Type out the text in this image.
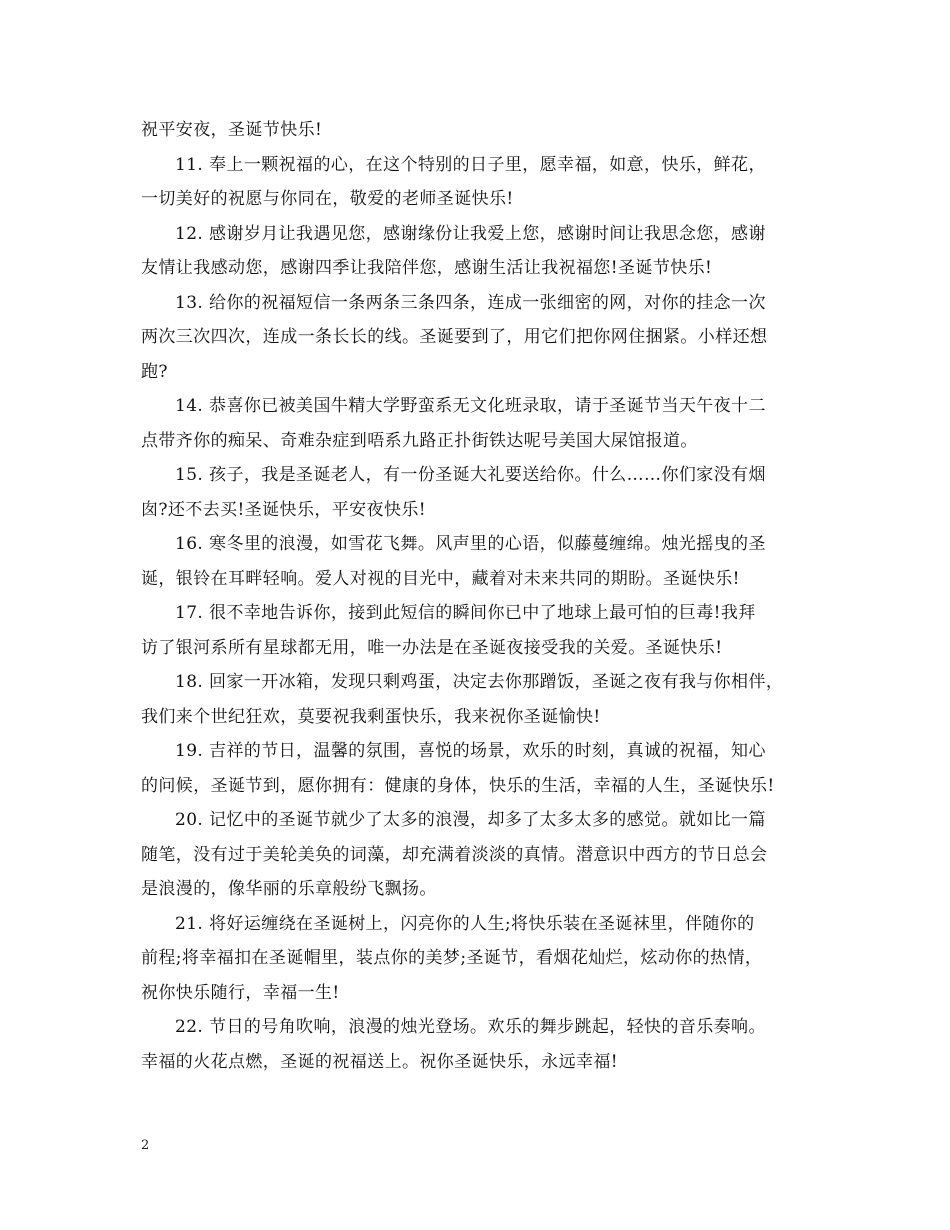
祝平安夜，圣诞节快乐!

11. 奉上一颗祝福的心，在这个特别的日子里，愿幸福，如意，快乐，鲜花，
一切美好的祝愿与你同在，敬爱的老师圣诞快乐!

12. 感谢岁月让我遇见您，感谢缘份让我爱上您，感谢时间让我思念您，感谢
友情让我感动您，感谢四季让我陪伴您，感谢生活让我祝福您!圣诞节快乐!

13. 给你的祝福短信一条两条三条四条，连成一张细密的网，对你的挂念一次
两次三次四次，连成一条长长的线。圣诞要到了，用它们把你网住捆紧。小样还想
跑?

14. 恭喜你已被美国牛精大学野蛮系无文化班录取，请于圣诞节当天午夜十二
点带齐你的痴呆、奇难杂症到唔系九路正扑街铁达呢号美国大屎馆报道。

15. 孩子，我是圣诞老人，有一份圣诞大礼要送给你。什么……你们家没有烟
囱?还不去买!圣诞快乐，平安夜快乐!

16. 寒冬里的浪漫，如雪花飞舞。风声里的心语，似藤蔓缠绵。烛光摇曳的圣
诞，银铃在耳畔轻响。爱人对视的目光中，藏着对未来共同的期盼。圣诞快乐!

17. 很不幸地告诉你，接到此短信的瞬间你已中了地球上最可怕的巨毒!我拜
访了银河系所有星球都无用，唯一办法是在圣诞夜接受我的关爱。圣诞快乐!

18. 回家一开冰箱，发现只剩鸡蛋，决定去你那蹭饭，圣诞之夜有我与你相伴，
我们来个世纪狂欢，莫要祝我剩蛋快乐，我来祝你圣诞愉快!

19. 吉祥的节日，温馨的氛围，喜悦的场景，欢乐的时刻，真诚的祝福，知心
的问候，圣诞节到，愿你拥有：健康的身体，快乐的生活，幸福的人生，圣诞快乐!

20. 记忆中的圣诞节就少了太多的浪漫，却多了太多太多的感觉。就如比一篇
随笔，没有过于美轮美奂的词藻，却充满着淡淡的真情。潜意识中西方的节日总会
是浪漫的，像华丽的乐章般纷飞飘扬。

21. 将好运缠绕在圣诞树上，闪亮你的人生;将快乐装在圣诞袜里，伴随你的
前程;将幸福扣在圣诞帽里，装点你的美梦;圣诞节，看烟花灿烂，炫动你的热情，
祝你快乐随行，幸福一生!

22. 节日的号角吹响，浪漫的烛光登场。欢乐的舞步跳起，轻快的音乐奏响。
幸福的火花点燃，圣诞的祝福送上。祝你圣诞快乐，永远幸福!

2
